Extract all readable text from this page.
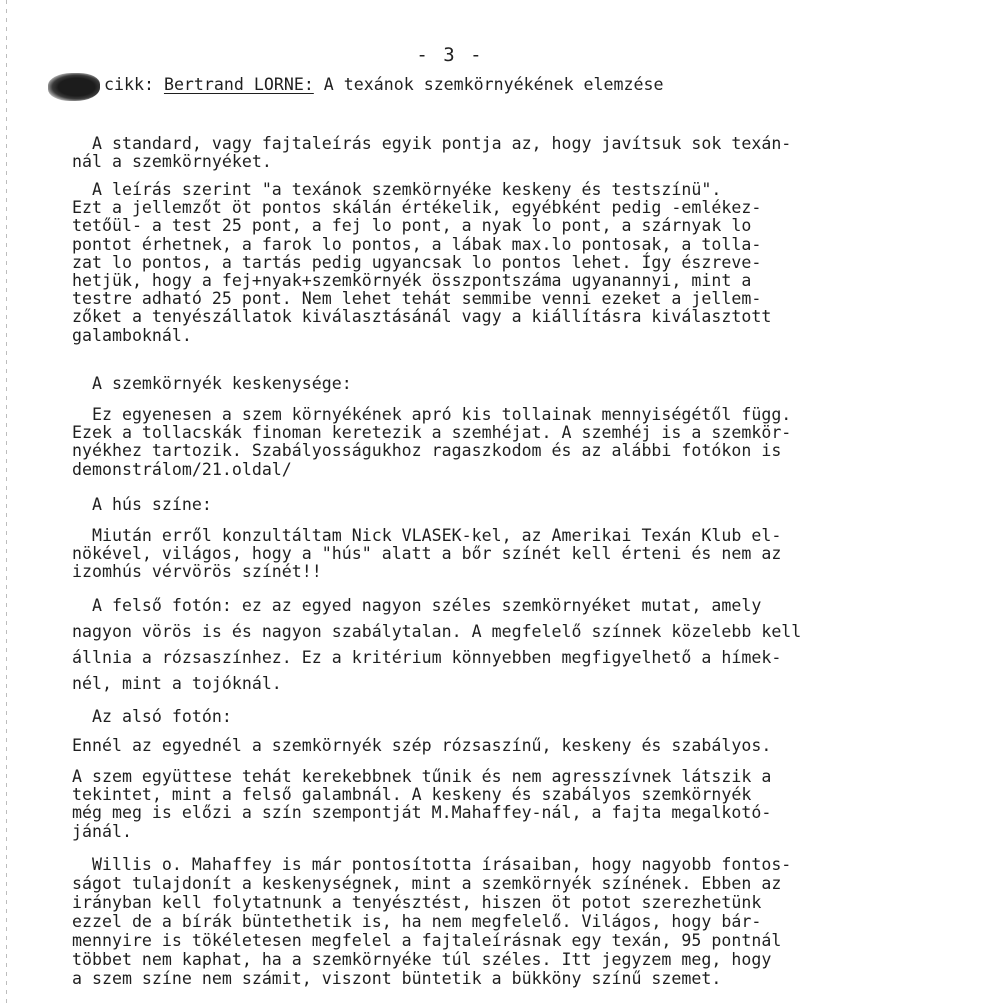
- 3 -
cikk: Bertrand LORNE: A texánok szemkörnyékének elemzése
A standard, vagy fajtaleírás egyik pontja az, hogy javítsuk sok texán-
nál a szemkörnyéket.
A leírás szerint "a texánok szemkörnyéke keskeny és testszínü".
Ezt a jellemzőt öt pontos skálán értékelik, egyébként pedig -emlékez-
tetőül- a test 25 pont, a fej lo pont, a nyak lo pont, a szárnyak lo
pontot érhetnek, a farok lo pontos, a lábak max.lo pontosak, a tolla-
zat lo pontos, a tartás pedig ugyancsak lo pontos lehet. Így észreve-
hetjük, hogy a fej+nyak+szemkörnyék összpontszáma ugyanannyi, mint a
testre adható 25 pont. Nem lehet tehát semmibe venni ezeket a jellem-
zőket a tenyészállatok kiválasztásánál vagy a kiállításra kiválasztott
galamboknál.
A szemkörnyék keskenysége:
Ez egyenesen a szem környékének apró kis tollainak mennyiségétől függ.
Ezek a tollacskák finoman keretezik a szemhéjat. A szemhéj is a szemkör-
nyékhez tartozik. Szabályosságukhoz ragaszkodom és az alábbi fotókon is
demonstrálom/21.oldal/
A hús színe:
Miután erről konzultáltam Nick VLASEK-kel, az Amerikai Texán Klub el-
nökével, világos, hogy a "hús" alatt a bőr színét kell érteni és nem az
izomhús vérvörös színét!!
A felső fotón: ez az egyed nagyon széles szemkörnyéket mutat, amely
nagyon vörös is és nagyon szabálytalan. A megfelelő színnek közelebb kell
állnia a rózsaszínhez. Ez a kritérium könnyebben megfigyelhető a hímek-
nél, mint a tojóknál.
Az alsó fotón:
Ennél az egyednél a szemkörnyék szép rózsaszínű, keskeny és szabályos.
A szem együttese tehát kerekebbnek tűnik és nem agresszívnek látszik a
tekintet, mint a felső galambnál. A keskeny és szabályos szemkörnyék
még meg is előzi a szín szempontját M.Mahaffey-nál, a fajta megalkotó-
jánál.
Willis o. Mahaffey is már pontosította írásaiban, hogy nagyobb fontos-
ságot tulajdonít a keskenységnek, mint a szemkörnyék színének. Ebben az
irányban kell folytatnunk a tenyésztést, hiszen öt potot szerezhetünk
ezzel de a bírák büntethetik is, ha nem megfelelő. Világos, hogy bár-
mennyire is tökéletesen megfelel a fajtaleírásnak egy texán, 95 pontnál
többet nem kaphat, ha a szemkörnyéke túl széles. Itt jegyzem meg, hogy
a szem színe nem számit, viszont büntetik a bükköny színű szemet.
